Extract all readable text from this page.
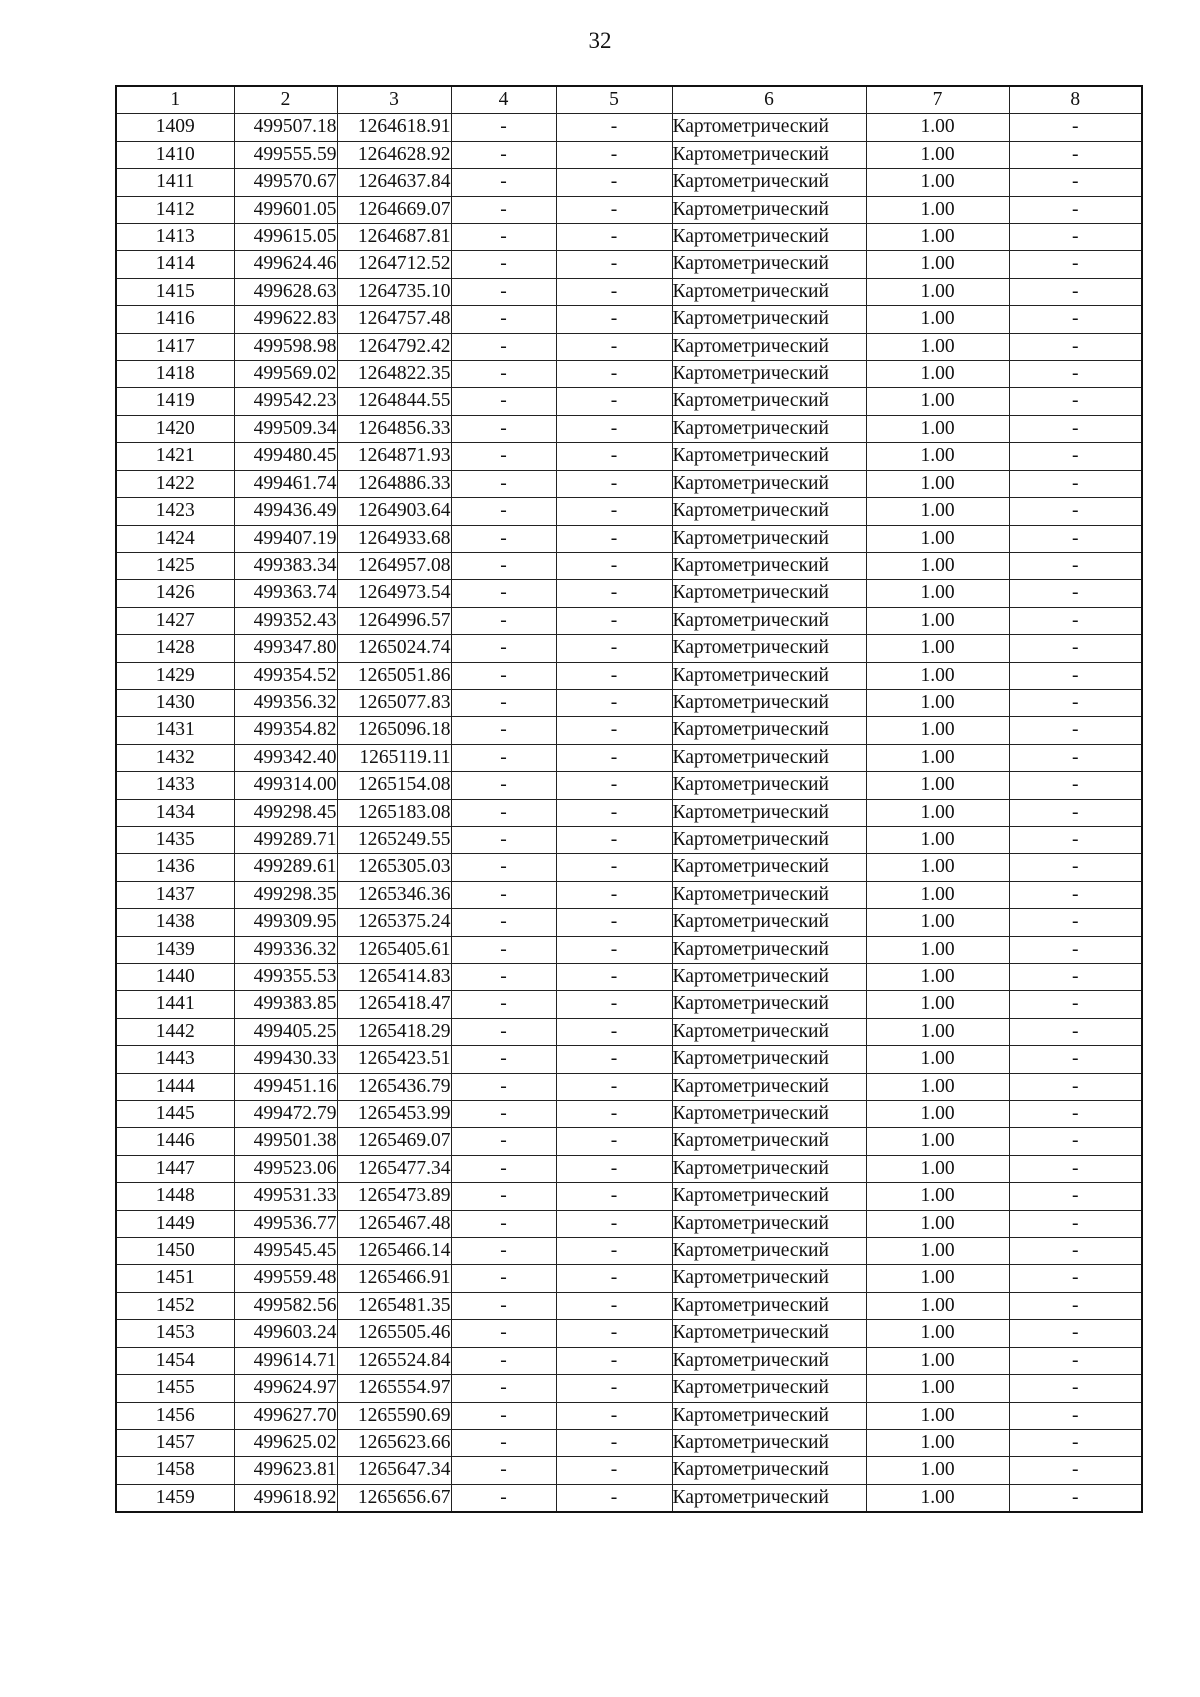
32
1	2	3	4	5	6	7	8
1409	499507.18	1264618.91	-	-	Картометрический	1.00	-
1410	499555.59	1264628.92	-	-	Картометрический	1.00	-
1411	499570.67	1264637.84	-	-	Картометрический	1.00	-
1412	499601.05	1264669.07	-	-	Картометрический	1.00	-
1413	499615.05	1264687.81	-	-	Картометрический	1.00	-
1414	499624.46	1264712.52	-	-	Картометрический	1.00	-
1415	499628.63	1264735.10	-	-	Картометрический	1.00	-
1416	499622.83	1264757.48	-	-	Картометрический	1.00	-
1417	499598.98	1264792.42	-	-	Картометрический	1.00	-
1418	499569.02	1264822.35	-	-	Картометрический	1.00	-
1419	499542.23	1264844.55	-	-	Картометрический	1.00	-
1420	499509.34	1264856.33	-	-	Картометрический	1.00	-
1421	499480.45	1264871.93	-	-	Картометрический	1.00	-
1422	499461.74	1264886.33	-	-	Картометрический	1.00	-
1423	499436.49	1264903.64	-	-	Картометрический	1.00	-
1424	499407.19	1264933.68	-	-	Картометрический	1.00	-
1425	499383.34	1264957.08	-	-	Картометрический	1.00	-
1426	499363.74	1264973.54	-	-	Картометрический	1.00	-
1427	499352.43	1264996.57	-	-	Картометрический	1.00	-
1428	499347.80	1265024.74	-	-	Картометрический	1.00	-
1429	499354.52	1265051.86	-	-	Картометрический	1.00	-
1430	499356.32	1265077.83	-	-	Картометрический	1.00	-
1431	499354.82	1265096.18	-	-	Картометрический	1.00	-
1432	499342.40	1265119.11	-	-	Картометрический	1.00	-
1433	499314.00	1265154.08	-	-	Картометрический	1.00	-
1434	499298.45	1265183.08	-	-	Картометрический	1.00	-
1435	499289.71	1265249.55	-	-	Картометрический	1.00	-
1436	499289.61	1265305.03	-	-	Картометрический	1.00	-
1437	499298.35	1265346.36	-	-	Картометрический	1.00	-
1438	499309.95	1265375.24	-	-	Картометрический	1.00	-
1439	499336.32	1265405.61	-	-	Картометрический	1.00	-
1440	499355.53	1265414.83	-	-	Картометрический	1.00	-
1441	499383.85	1265418.47	-	-	Картометрический	1.00	-
1442	499405.25	1265418.29	-	-	Картометрический	1.00	-
1443	499430.33	1265423.51	-	-	Картометрический	1.00	-
1444	499451.16	1265436.79	-	-	Картометрический	1.00	-
1445	499472.79	1265453.99	-	-	Картометрический	1.00	-
1446	499501.38	1265469.07	-	-	Картометрический	1.00	-
1447	499523.06	1265477.34	-	-	Картометрический	1.00	-
1448	499531.33	1265473.89	-	-	Картометрический	1.00	-
1449	499536.77	1265467.48	-	-	Картометрический	1.00	-
1450	499545.45	1265466.14	-	-	Картометрический	1.00	-
1451	499559.48	1265466.91	-	-	Картометрический	1.00	-
1452	499582.56	1265481.35	-	-	Картометрический	1.00	-
1453	499603.24	1265505.46	-	-	Картометрический	1.00	-
1454	499614.71	1265524.84	-	-	Картометрический	1.00	-
1455	499624.97	1265554.97	-	-	Картометрический	1.00	-
1456	499627.70	1265590.69	-	-	Картометрический	1.00	-
1457	499625.02	1265623.66	-	-	Картометрический	1.00	-
1458	499623.81	1265647.34	-	-	Картометрический	1.00	-
1459	499618.92	1265656.67	-	-	Картометрический	1.00	-
